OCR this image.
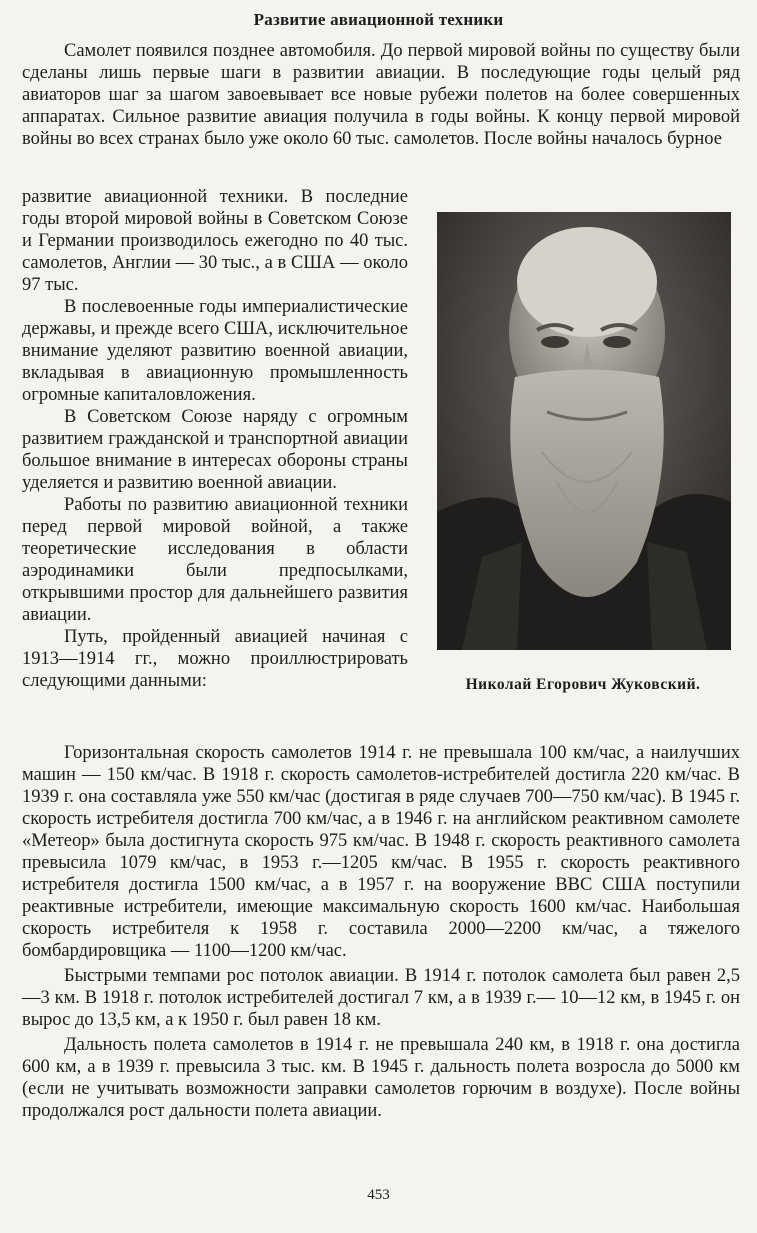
Развитие авиационной техники

Самолет появился позднее автомобиля. До первой мировой войны по существу были сделаны лишь первые шаги в развитии авиации. В последующие годы целый ряд авиаторов шаг за шагом завоевывает все новые рубежи полетов на более совершенных аппаратах. Сильное развитие авиация получила в годы войны. К концу первой мировой войны во всех странах было уже около 60 тыс. самолетов. После войны началось бурное

развитие авиационной техники. В последние годы второй мировой войны в Советском Союзе и Германии производилось ежегодно по 40 тыс. самолетов, Англии — 30 тыс., а в США — около 97 тыс.

В послевоенные годы империалистические державы, и прежде всего США, исключительное внимание уделяют развитию военной авиации, вкладывая в авиационную промышленность огромные капиталовложения.

В Советском Союзе наряду с огромным развитием гражданской и транспортной авиации большое внимание в интересах обороны страны уделяется и развитию военной авиации.

Работы по развитию авиационной техники перед первой мировой войной, а также теоретические исследования в области аэродинамики были предпосылками, открывшими простор для дальнейшего развития авиации.

Путь, пройденный авиацией начиная с 1913—1914 гг., можно проиллюстрировать следующими данными:	Николай Егорович Жуковский.

Горизонтальная скорость самолетов 1914 г. не превышала 100 км/час, а наилучших машин — 150 км/час. В 1918 г. скорость самолетов-истребителей достигла 220 км/час. В 1939 г. она составляла уже 550 км/час (достигая в ряде случаев 700—750 км/час). В 1945 г. скорость истребителя достигла 700 км/час, а в 1946 г. на английском реактивном самолете «Метеор» была достигнута скорость 975 км/час. В 1948 г. скорость реактивного самолета превысила 1079 км/час, в 1953 г.—1205 км/час. В 1955 г. скорость реактивного истребителя достигла 1500 км/час, а в 1957 г. на вооружение ВВС США поступили реактивные истребители, имеющие максимальную скорость 1600 км/час. Наибольшая скорость истребителя к 1958 г. составила 2000—2200 км/час, а тяжелого бомбардировщика — 1100—1200 км/час.

Быстрыми темпами рос потолок авиации. В 1914 г. потолок самолета был равен 2,5—3 км. В 1918 г. потолок истребителей достигал 7 км, а в 1939 г.— 10—12 км, в 1945 г. он вырос до 13,5 км, а к 1950 г. был равен 18 км.

Дальность полета самолетов в 1914 г. не превышала 240 км, в 1918 г. она достигла 600 км, а в 1939 г. превысила 3 тыс. км. В 1945 г. дальность полета возросла до 5000 км (если не учитывать возможности заправки самолетов горючим в воздухе). После войны продолжался рост дальности полета авиации.

453
